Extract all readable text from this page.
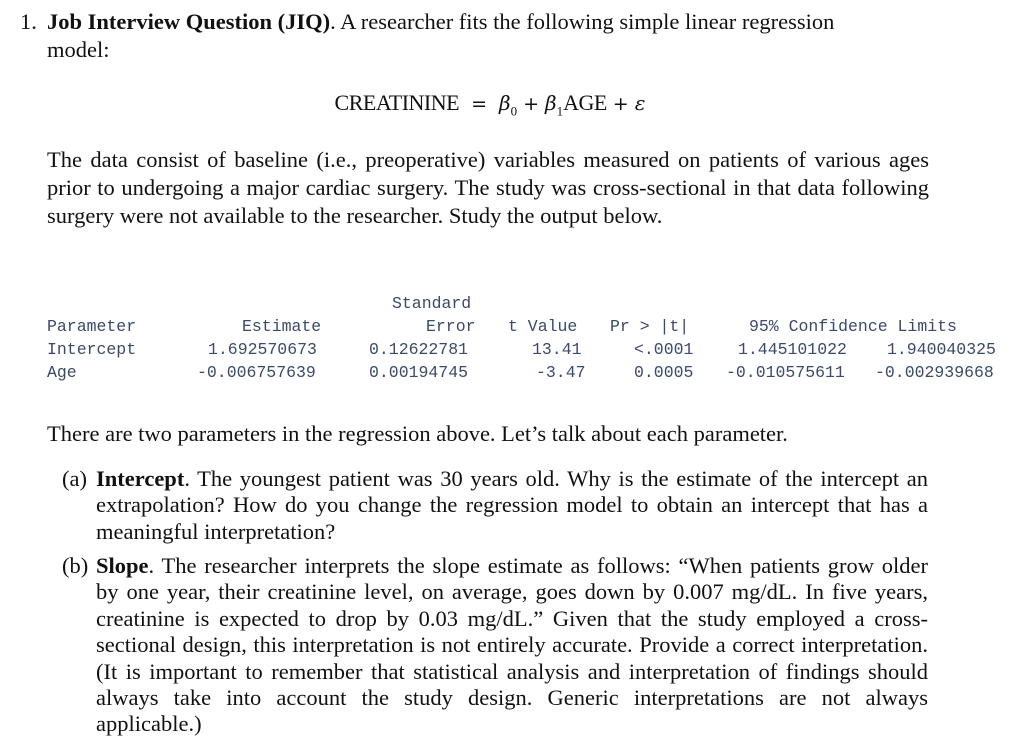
1. Job Interview Question (JIQ). A researcher fits the following simple linear regression
model:
CREATININE = $\beta_0 + \beta_1AGE + \varepsilon$
The data consist of baseline (i.e., preoperative) variables measured on patients of various ages prior to undergoing a major cardiac surgery. The study was cross-sectional in that data following surgery were not available to the researcher. Study the output below.
Standard
Parameter	Estimate	Error t Value Pr > |t|	95% Confidence Limits
Intercept	1.692570673	0.12622781	13.41	<.0001	1.445101022 1.940040325
Age	-0.006757639	0.00194745	-3.47	0.0005 -0.010575611 -0.002939668
There are two parameters in the regression above. Let’s talk about each parameter.
(a) Intercept. The youngest patient was 30 years old. Why is the estimate of the intercept an extrapolation? How do you change the regression model to obtain an intercept that has a meaningful interpretation?
(b) Slope. The researcher interprets the slope estimate as follows: “When patients grow older by one year, their creatinine level, on average, goes down by 0.007 mg/dL. In five years, creatinine is expected to drop by 0.03 mg/dL.” Given that the study employed a cross-sectional design, this interpretation is not entirely accurate. Provide a correct interpretation. (It is important to remember that statistical analysis and interpretation of findings should always take into account the study design. Generic interpretations are not always applicable.)
